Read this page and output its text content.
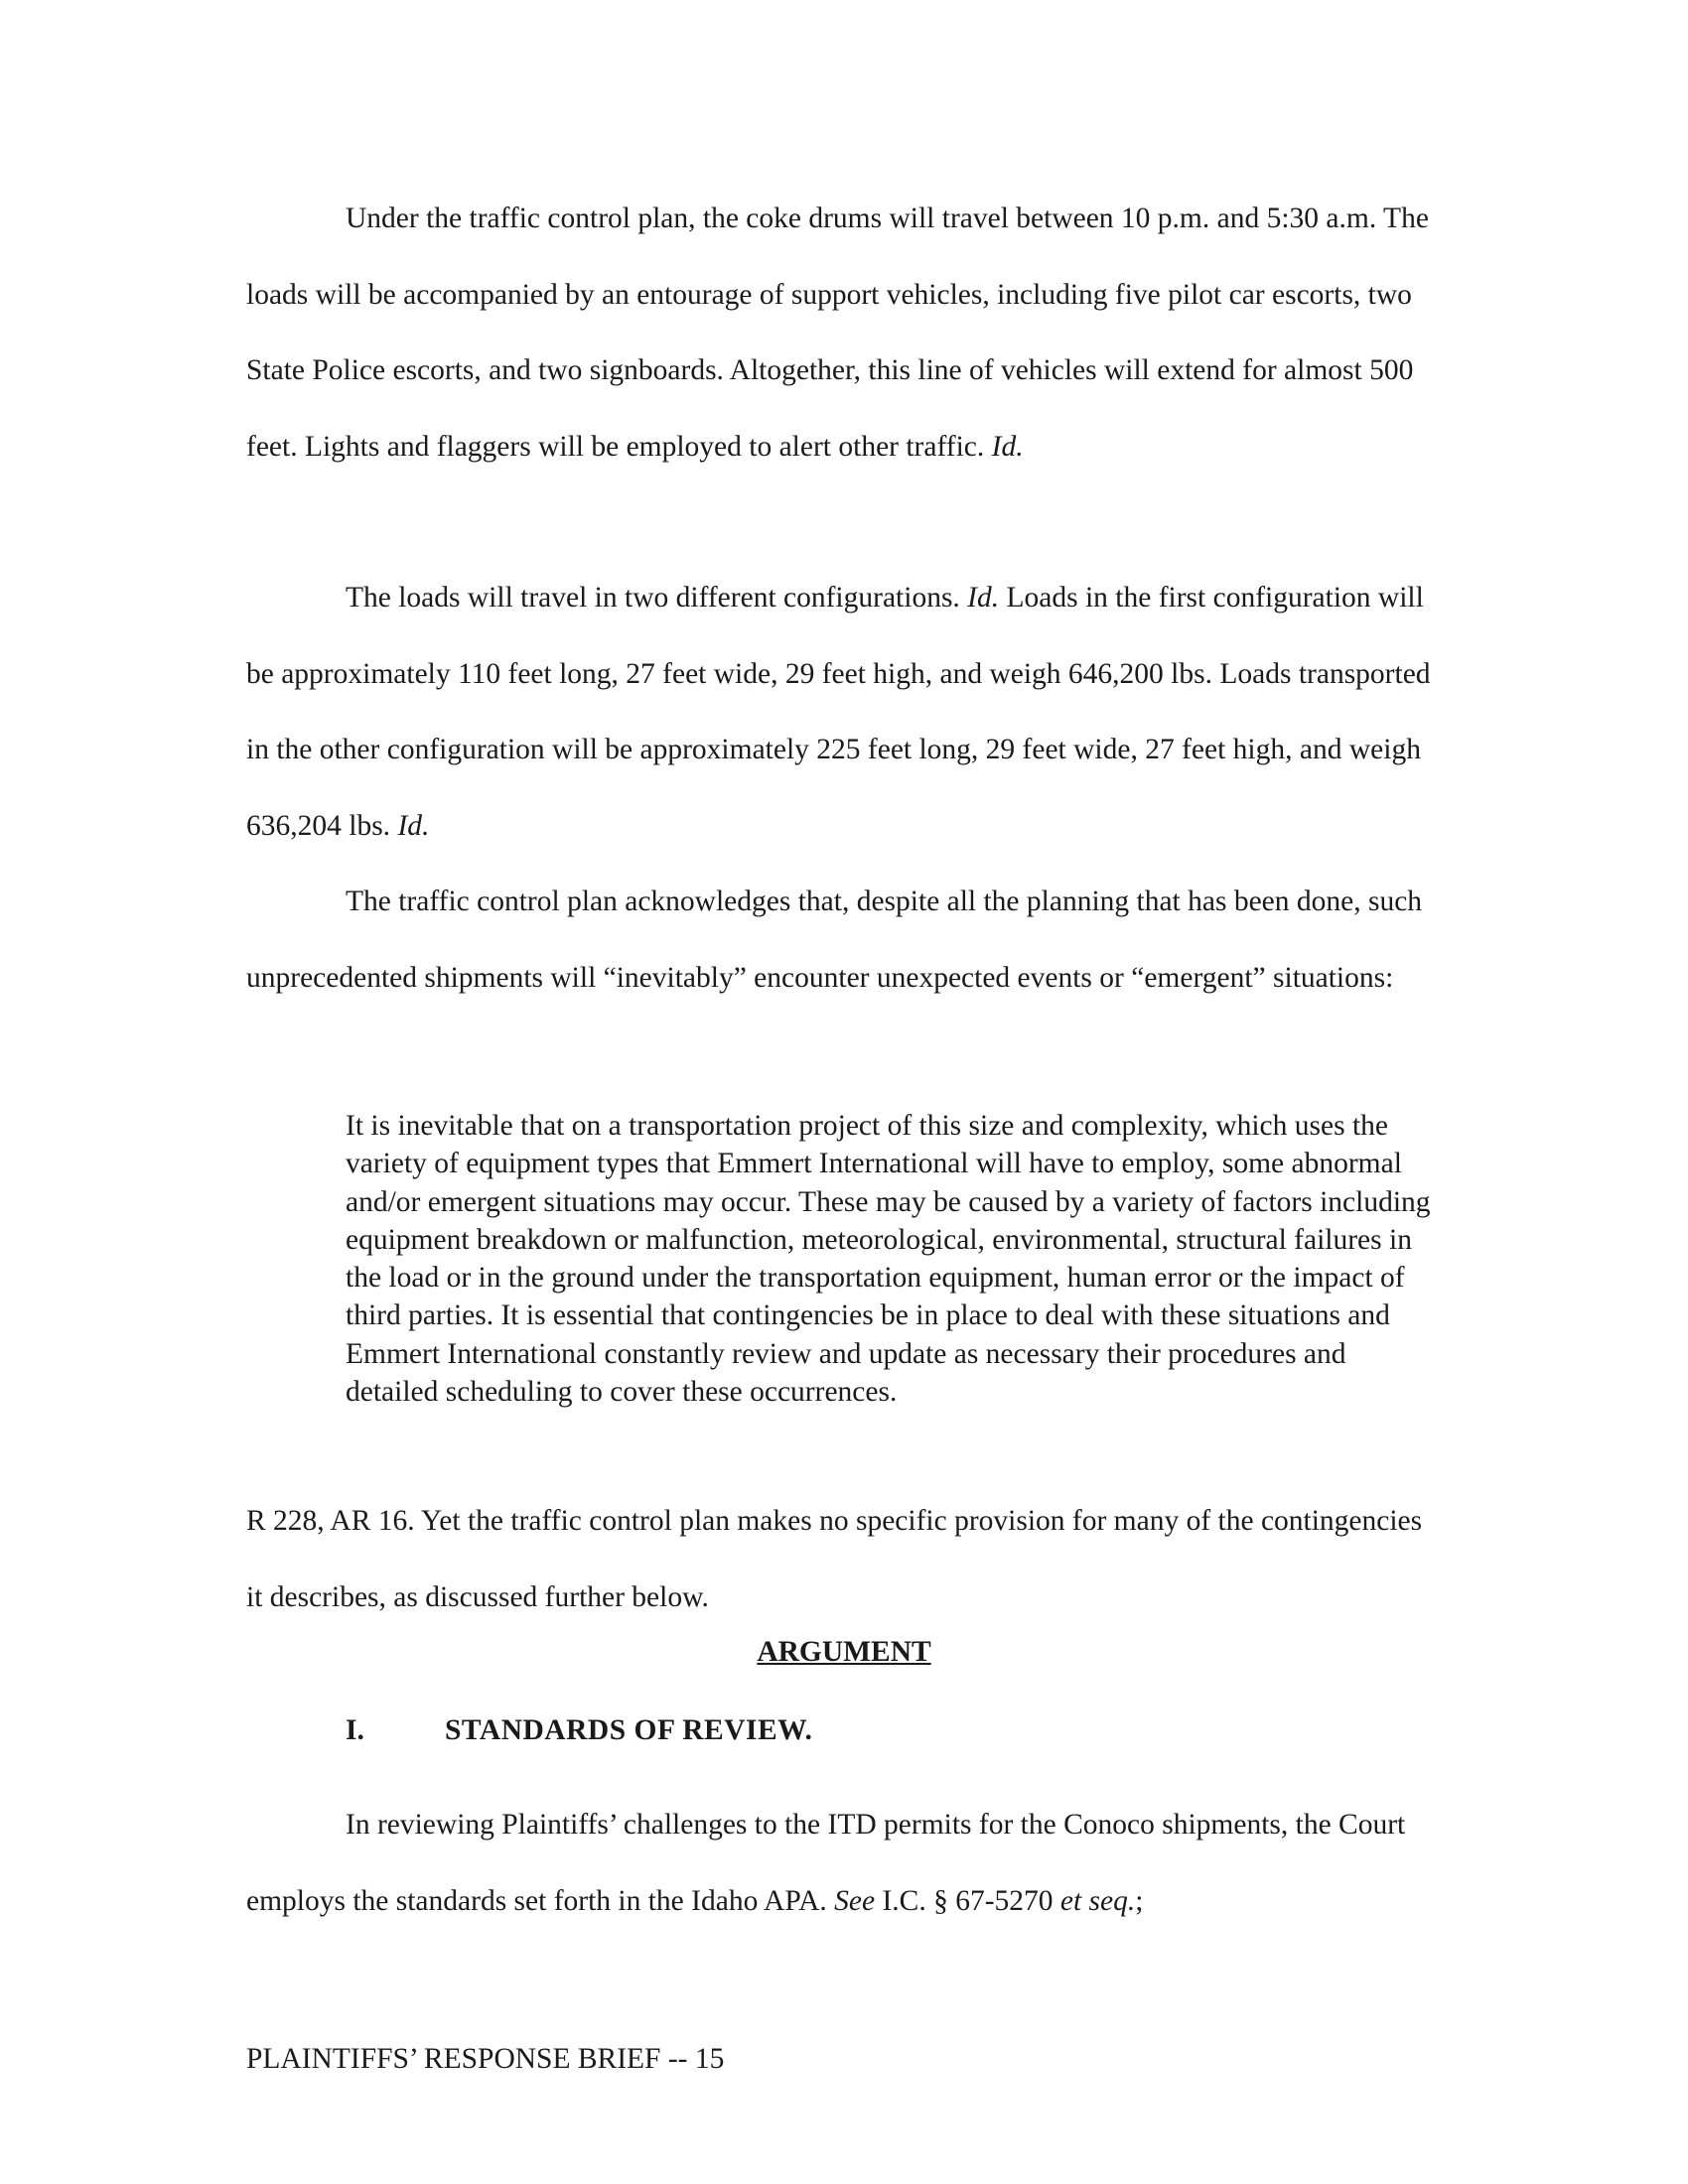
Under the traffic control plan, the coke drums will travel between 10 p.m. and 5:30 a.m. The loads will be accompanied by an entourage of support vehicles, including five pilot car escorts, two State Police escorts, and two signboards. Altogether, this line of vehicles will extend for almost 500 feet. Lights and flaggers will be employed to alert other traffic. Id.

The loads will travel in two different configurations. Id. Loads in the first configuration will be approximately 110 feet long, 27 feet wide, 29 feet high, and weigh 646,200 lbs. Loads transported in the other configuration will be approximately 225 feet long, 29 feet wide, 27 feet high, and weigh 636,204 lbs. Id.

The traffic control plan acknowledges that, despite all the planning that has been done, such unprecedented shipments will “inevitably” encounter unexpected events or “emergent” situations:

It is inevitable that on a transportation project of this size and complexity, which uses the variety of equipment types that Emmert International will have to employ, some abnormal and/or emergent situations may occur. These may be caused by a variety of factors including equipment breakdown or malfunction, meteorological, environmental, structural failures in the load or in the ground under the transportation equipment, human error or the impact of third parties. It is essential that contingencies be in place to deal with these situations and Emmert International constantly review and update as necessary their procedures and detailed scheduling to cover these occurrences.

R 228, AR 16. Yet the traffic control plan makes no specific provision for many of the contingencies it describes, as discussed further below.

ARGUMENT

I.	STANDARDS OF REVIEW.

In reviewing Plaintiffs’ challenges to the ITD permits for the Conoco shipments, the Court employs the standards set forth in the Idaho APA. See I.C. § 67-5270 et seq.;

PLAINTIFFS’ RESPONSE BRIEF -- 15
